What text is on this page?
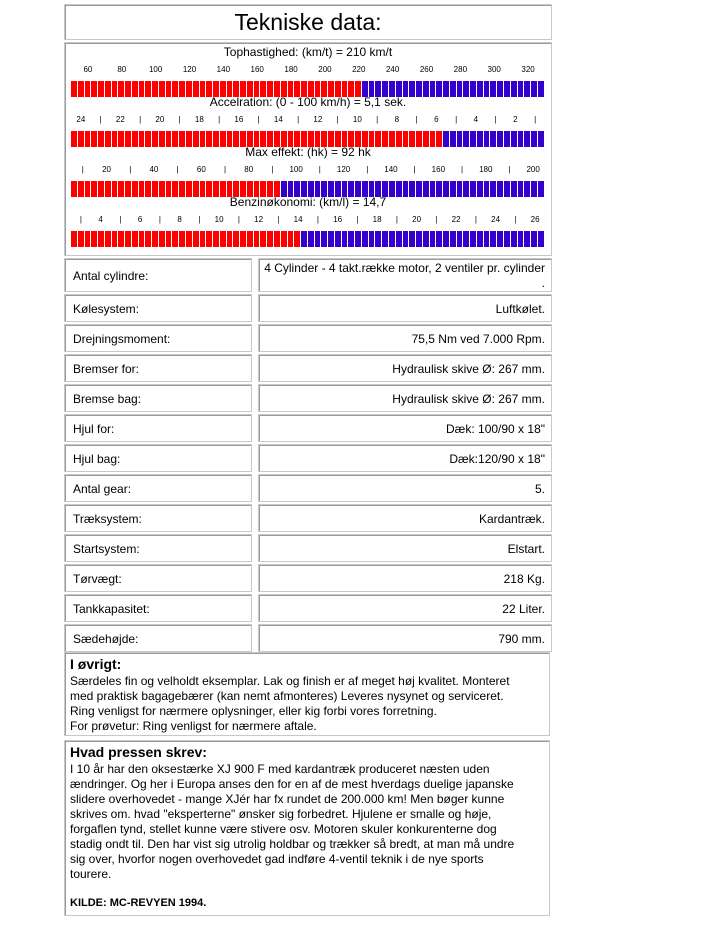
Tekniske data:
Tophastighed: (km/t) = 210 km/t
60	80	100	120	140	160	180	200	220	240	260	280	300	320
Accelration: (0 - 100 km/h) = 5,1 sek.
24 | 22 | 20 | 18 | 16 | 14 | 12 | 10 | 8 | 6 | 4 | 2 |
Max effekt: (hk) = 92 hk
| 20 | 40 | 60 | 80 | 100 | 120 | 140 | 160 | 180 | 200
Benzinøkonomi: (km/l) = 14,7
| 4 | 6 | 8 | 10 | 12 | 14 | 16 | 18 | 20 | 22 | 24 | 26
Antal cylindre:
4 Cylinder - 4 takt.række motor, 2 ventiler pr. cylinder .
Kølesystem:	Luftkølet.
Drejningsmoment:	75,5 Nm ved 7.000 Rpm.
Bremser for:	Hydraulisk skive Ø: 267 mm.
Bremse bag:	Hydraulisk skive Ø: 267 mm.
Hjul for:	Dæk: 100/90 x 18"
Hjul bag:	Dæk:120/90 x 18"
Antal gear:	5.
Træksystem:	Kardantræk.
Startsystem:	Elstart.
Tørvægt:	218 Kg.
Tankkapasitet:	22 Liter.
Sædehøjde:	790 mm.
I øvrigt:
Særdeles fin og velholdt eksemplar. Lak og finish er af meget høj kvalitet. Monteret
med praktisk bagagebærer (kan nemt afmonteres) Leveres nysynet og serviceret.
Ring venligst for nærmere oplysninger, eller kig forbi vores forretning.
For prøvetur: Ring venligst for nærmere aftale.
Hvad pressen skrev:
I 10 år har den oksestærke XJ 900 F med kardantræk produceret næsten uden
ændringer. Og her i Europa anses den for en af de mest hverdags duelige japanske
slidere overhovedet - mange XJér har fx rundet de 200.000 km! Men bøger kunne
skrives om. hvad "eksperterne" ønsker sig forbedret. Hjulene er smalle og høje,
forgaflen tynd, stellet kunne være stivere osv. Motoren skuler konkurenterne dog
stadig ondt til. Den har vist sig utrolig holdbar og trækker så bredt, at man må undre
sig over, hvorfor nogen overhovedet gad indføre 4-ventil teknik i de nye sports
tourere.
KILDE: MC-REVYEN 1994.
